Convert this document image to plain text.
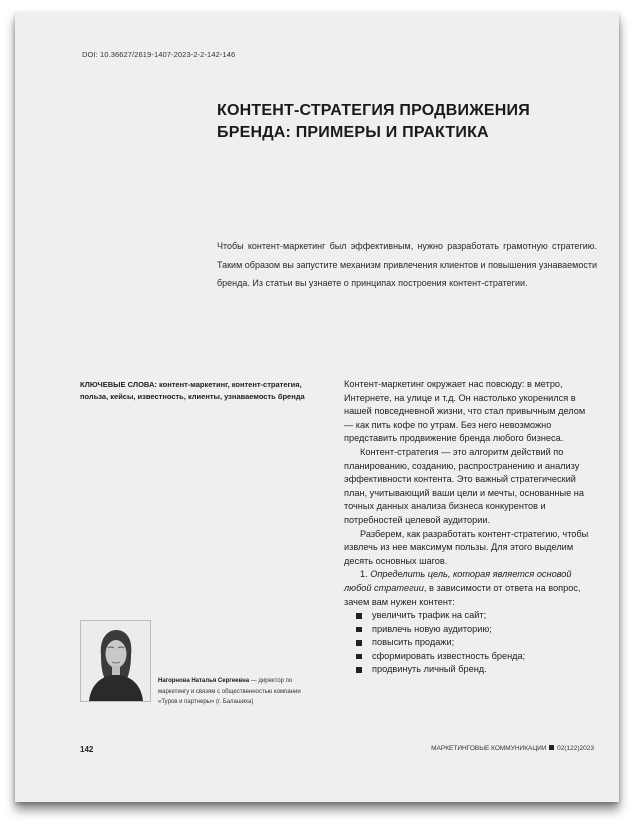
DOI: 10.36627/2619-1407-2023-2-2-142-146
КОНТЕНТ-СТРАТЕГИЯ ПРОДВИЖЕНИЯ БРЕНДА: ПРИМЕРЫ И ПРАКТИКА

Чтобы контент-маркетинг был эффективным, нужно разработать грамотную стратегию. Таким образом вы запустите механизм привлечения клиентов и повышения узнаваемости бренда. Из статьи вы узнаете о принципах построения контент-стратегии.

КЛЮЧЕВЫЕ СЛОВА: контент-маркетинг, контент-стратегия, польза, кейсы, известность, клиенты, узнаваемость бренда

Контент-маркетинг окружает нас повсюду: в метро, Интернете, на улице и т.д. Он настолько укоренился в нашей повседневной жизни, что стал привычным делом — как пить кофе по утрам. Без него невозможно представить продвижение бренда любого бизнеса.

Контент-стратегия — это алгоритм действий по планированию, созданию, распространению и анализу эффективности контента. Это важный стратегический план, учитывающий ваши цели и мечты, основанные на точных данных анализа бизнеса конкурентов и потребностей целевой аудитории.

Разберем, как разработать контент-стратегию, чтобы извлечь из нее максимум пользы. Для этого выделим десять основных шагов.

1. Определить цель, которая является основой любой стратегии, в зависимости от ответа на вопрос, зачем вам нужен контент:

увеличить трафик на сайт;
привлечь новую аудиторию;
повысить продажи;
сформировать известность бренда;
продвинуть личный бренд.

Нагорнова Наталья Сергеевна — директор по маркетингу и связям с общественностью компании «Туров и партнеры» (г. Балашиха)

142	МАРКЕТИНГОВЫЕ КОММУНИКАЦИИ 02(122)2023
